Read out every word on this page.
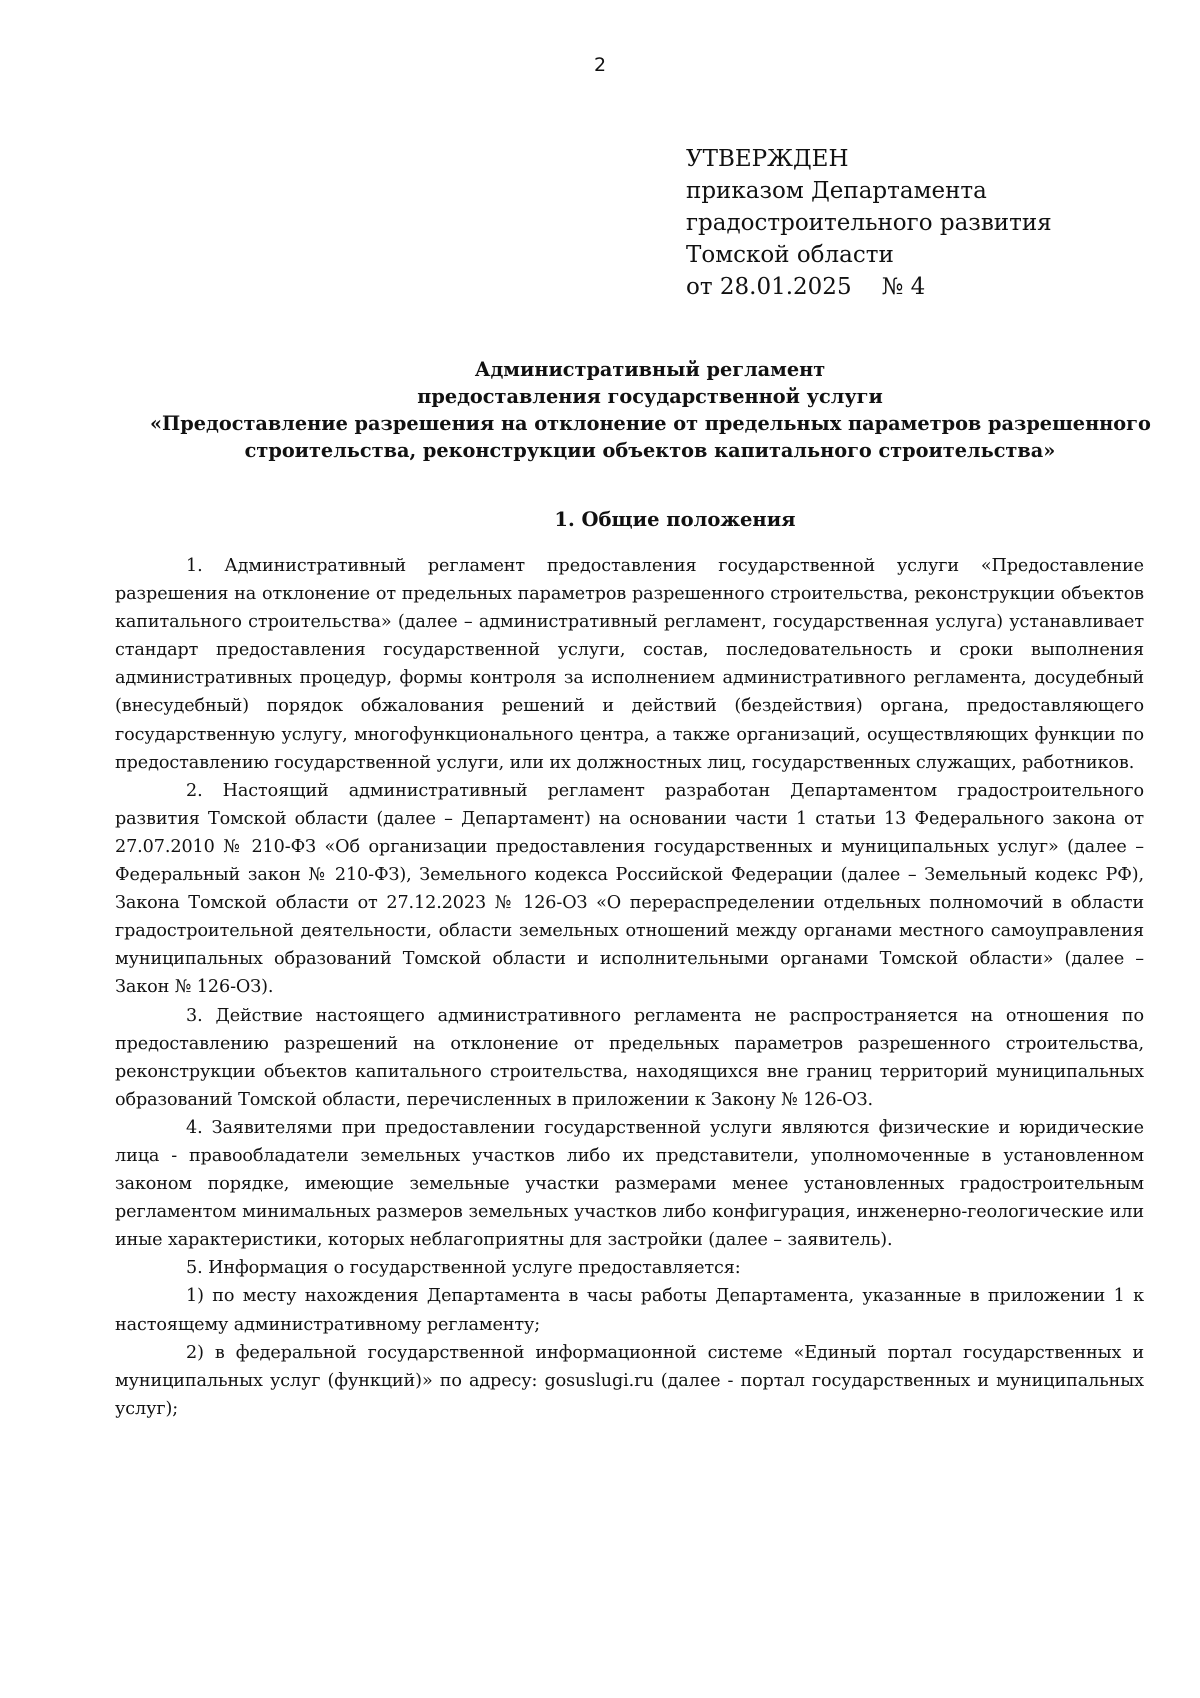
2
УТВЕРЖДЕН
приказом Департамента
градостроительного развития
Томской области
от 28.01.2025 № 4
Административный регламент
предоставления государственной услуги
«Предоставление разрешения на отклонение от предельных параметров разрешенного
строительства, реконструкции объектов капитального строительства»
1. Общие положения

1. Административный регламент предоставления государственной услуги «Предоставление разрешения на отклонение от предельных параметров разрешенного строительства, реконструкции объектов капитального строительства» (далее – административный регламент, государственная услуга) устанавливает стандарт предоставления государственной услуги, состав, последовательность и сроки выполнения административных процедур, формы контроля за исполнением административного регламента, досудебный (внесудебный) порядок обжалования решений и действий (бездействия) органа, предоставляющего государственную услугу, многофункционального центра, а также организаций, осуществляющих функции по предоставлению государственной услуги, или их должностных лиц, государственных служащих, работников.

2. Настоящий административный регламент разработан Департаментом градостроительного развития Томской области (далее – Департамент) на основании части 1 статьи 13 Федерального закона от 27.07.2010 № 210-ФЗ «Об организации предоставления государственных и муниципальных услуг» (далее – Федеральный закон № 210-ФЗ), Земельного кодекса Российской Федерации (далее – Земельный кодекс РФ), Закона Томской области от 27.12.2023 № 126-ОЗ «О перераспределении отдельных полномочий в области градостроительной деятельности, области земельных отношений между органами местного самоуправления муниципальных образований Томской области и исполнительными органами Томской области» (далее – Закон № 126-ОЗ).

3. Действие настоящего административного регламента не распространяется на отношения по предоставлению разрешений на отклонение от предельных параметров разрешенного строительства, реконструкции объектов капитального строительства, находящихся вне границ территорий муниципальных образований Томской области, перечисленных в приложении к Закону № 126-ОЗ.

4. Заявителями при предоставлении государственной услуги являются физические и юридические лица - правообладатели земельных участков либо их представители, уполномоченные в установленном законом порядке, имеющие земельные участки размерами менее установленных градостроительным регламентом минимальных размеров земельных участков либо конфигурация, инженерно-геологические или иные характеристики, которых неблагоприятны для застройки (далее – заявитель).

5. Информация о государственной услуге предоставляется:

1) по месту нахождения Департамента в часы работы Департамента, указанные в приложении 1 к настоящему административному регламенту;

2) в федеральной государственной информационной системе «Единый портал государственных и муниципальных услуг (функций)» по адресу: gosuslugi.ru (далее - портал государственных и муниципальных услуг);
